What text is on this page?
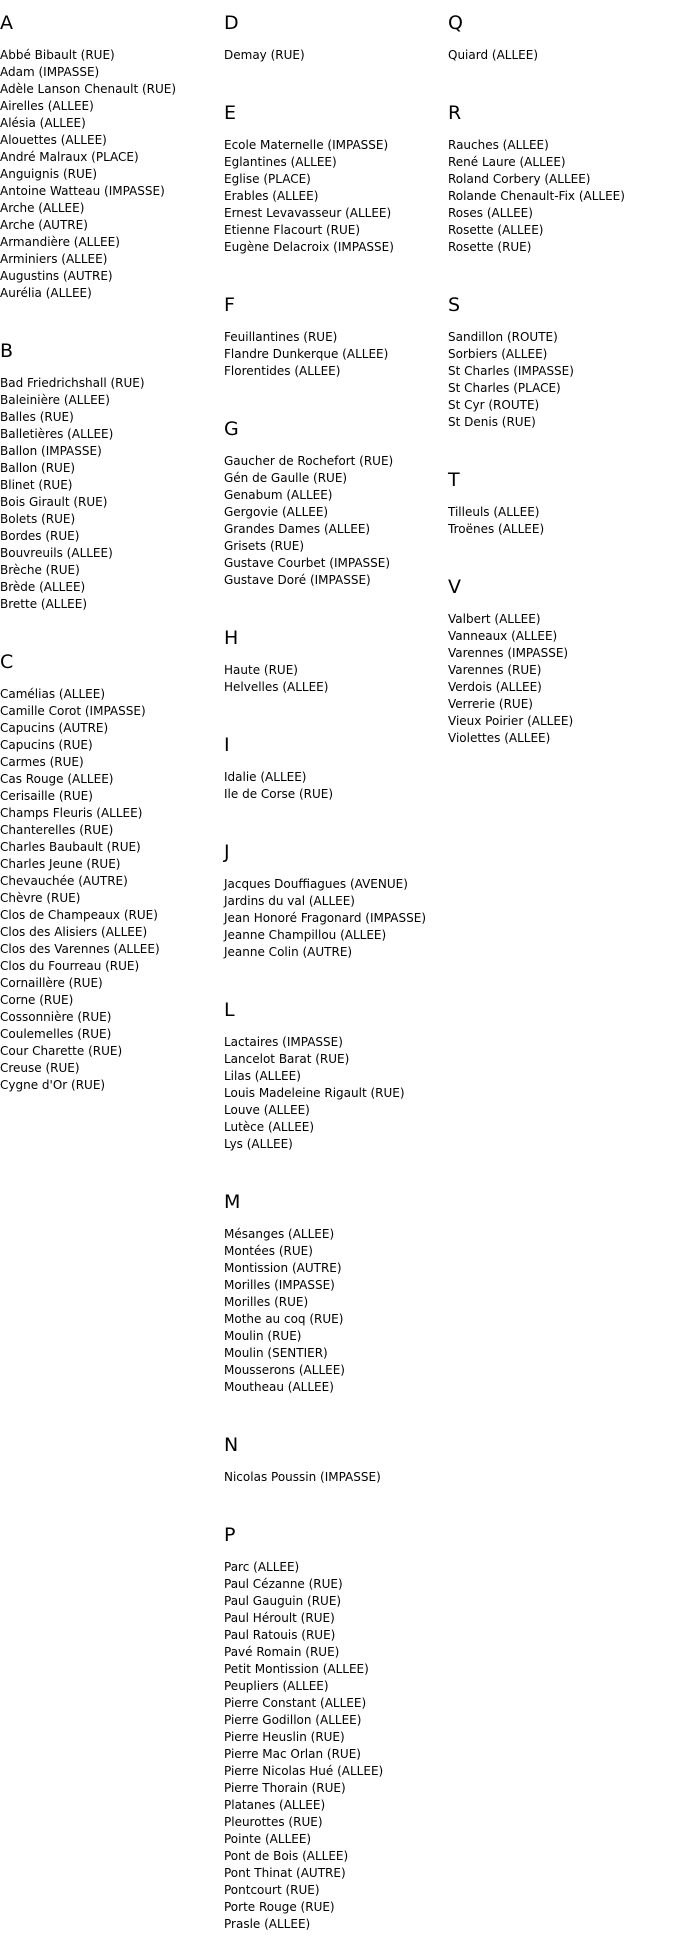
A
Abbé Bibault (RUE)
Adam (IMPASSE)
Adèle Lanson Chenault (RUE)
Airelles (ALLEE)
Alésia (ALLEE)
Alouettes (ALLEE)
André Malraux (PLACE)
Anguignis (RUE)
Antoine Watteau (IMPASSE)
Arche (ALLEE)
Arche (AUTRE)
Armandière (ALLEE)
Arminiers (ALLEE)
Augustins (AUTRE)
Aurélia (ALLEE)
B
Bad Friedrichshall (RUE)
Baleinière (ALLEE)
Balles (RUE)
Balletières (ALLEE)
Ballon (IMPASSE)
Ballon (RUE)
Blinet (RUE)
Bois Girault (RUE)
Bolets (RUE)
Bordes (RUE)
Bouvreuils (ALLEE)
Brèche (RUE)
Brède (ALLEE)
Brette (ALLEE)
C
Camélias (ALLEE)
Camille Corot (IMPASSE)
Capucins (AUTRE)
Capucins (RUE)
Carmes (RUE)
Cas Rouge (ALLEE)
Cerisaille (RUE)
Champs Fleuris (ALLEE)
Chanterelles (RUE)
Charles Baubault (RUE)
Charles Jeune (RUE)
Chevauchée (AUTRE)
Chèvre (RUE)
Clos de Champeaux (RUE)
Clos des Alisiers (ALLEE)
Clos des Varennes (ALLEE)
Clos du Fourreau (RUE)
Cornaillère (RUE)
Corne (RUE)
Cossonnière (RUE)
Coulemelles (RUE)
Cour Charette (RUE)
Creuse (RUE)
Cygne d'Or (RUE)
D
Demay (RUE)
E
Ecole Maternelle (IMPASSE)
Eglantines (ALLEE)
Eglise (PLACE)
Erables (ALLEE)
Ernest Levavasseur (ALLEE)
Etienne Flacourt (RUE)
Eugène Delacroix (IMPASSE)
F
Feuillantines (RUE)
Flandre Dunkerque (ALLEE)
Florentides (ALLEE)
G
Gaucher de Rochefort (RUE)
Gén de Gaulle (RUE)
Genabum (ALLEE)
Gergovie (ALLEE)
Grandes Dames (ALLEE)
Grisets (RUE)
Gustave Courbet (IMPASSE)
Gustave Doré (IMPASSE)
H
Haute (RUE)
Helvelles (ALLEE)
I
Idalie (ALLEE)
Ile de Corse (RUE)
J
Jacques Douffiagues (AVENUE)
Jardins du val (ALLEE)
Jean Honoré Fragonard (IMPASSE)
Jeanne Champillou (ALLEE)
Jeanne Colin (AUTRE)
L
Lactaires (IMPASSE)
Lancelot Barat (RUE)
Lilas (ALLEE)
Louis Madeleine Rigault (RUE)
Louve (ALLEE)
Lutèce (ALLEE)
Lys (ALLEE)
M
Mésanges (ALLEE)
Montées (RUE)
Montission (AUTRE)
Morilles (IMPASSE)
Morilles (RUE)
Mothe au coq (RUE)
Moulin (RUE)
Moulin (SENTIER)
Mousserons (ALLEE)
Moutheau (ALLEE)
N
Nicolas Poussin (IMPASSE)
P
Parc (ALLEE)
Paul Cézanne (RUE)
Paul Gauguin (RUE)
Paul Héroult (RUE)
Paul Ratouis (RUE)
Pavé Romain (RUE)
Petit Montission (ALLEE)
Peupliers (ALLEE)
Pierre Constant (ALLEE)
Pierre Godillon (ALLEE)
Pierre Heuslin (RUE)
Pierre Mac Orlan (RUE)
Pierre Nicolas Hué (ALLEE)
Pierre Thorain (RUE)
Platanes (ALLEE)
Pleurottes (RUE)
Pointe (ALLEE)
Pont de Bois (ALLEE)
Pont Thinat (AUTRE)
Pontcourt (RUE)
Porte Rouge (RUE)
Prasle (ALLEE)
Q
Quiard (ALLEE)
R
Rauches (ALLEE)
René Laure (ALLEE)
Roland Corbery (ALLEE)
Rolande Chenault-Fix (ALLEE)
Roses (ALLEE)
Rosette (ALLEE)
Rosette (RUE)
S
Sandillon (ROUTE)
Sorbiers (ALLEE)
St Charles (IMPASSE)
St Charles (PLACE)
St Cyr (ROUTE)
St Denis (RUE)
T
Tilleuls (ALLEE)
Troënes (ALLEE)
V
Valbert (ALLEE)
Vanneaux (ALLEE)
Varennes (IMPASSE)
Varennes (RUE)
Verdois (ALLEE)
Verrerie (RUE)
Vieux Poirier (ALLEE)
Violettes (ALLEE)
